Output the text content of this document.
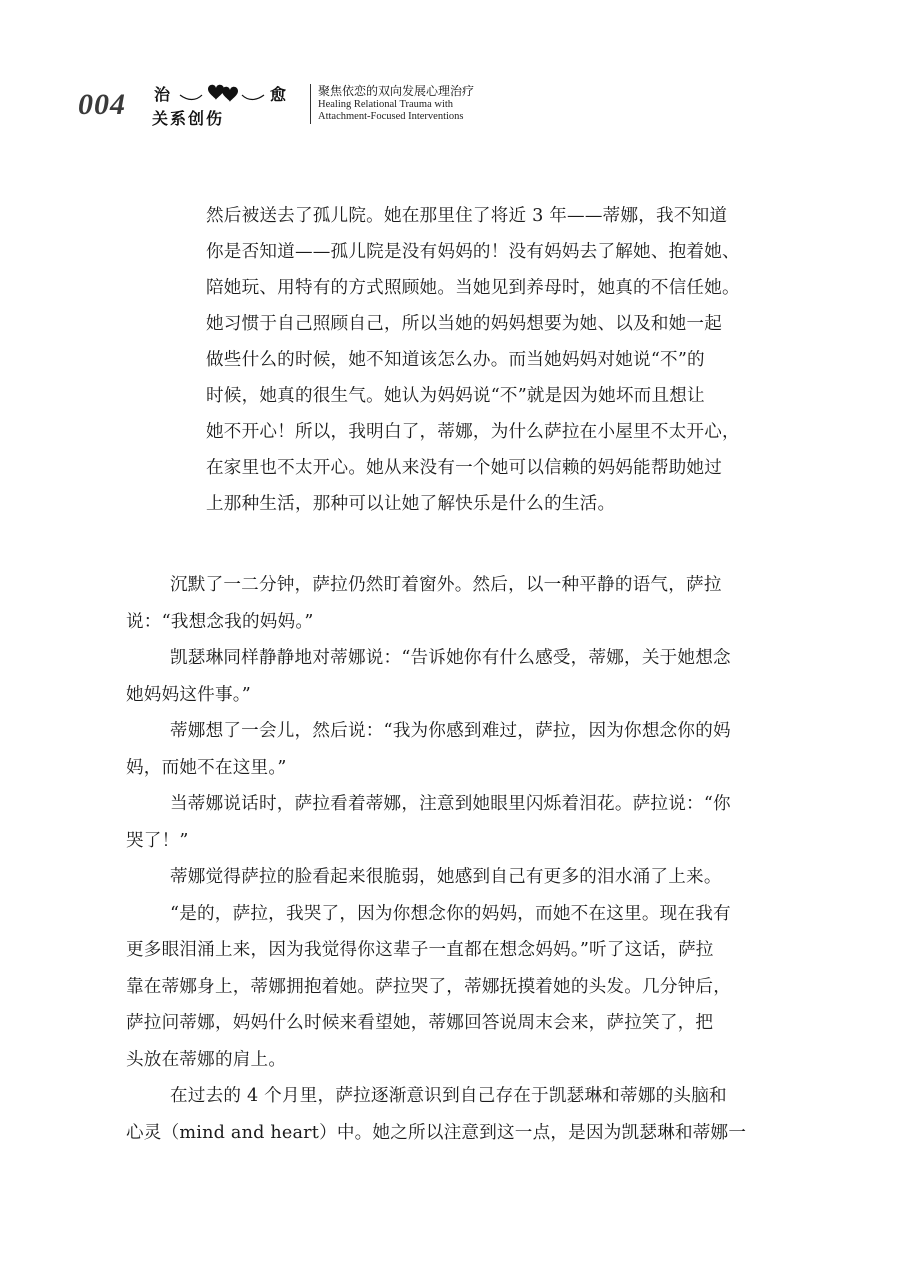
004 治	愈
关系创伤
聚焦依恋的双向发展心理治疗
Healing Relational Trauma with
Attachment-Focused Interventions
然后被送去了孤儿院。她在那里住了将近 3 年——蒂娜，我不知道
你是否知道——孤儿院是没有妈妈的！没有妈妈去了解她、抱着她、
陪她玩、用特有的方式照顾她。当她见到养母时，她真的不信任她。
她习惯于自己照顾自己，所以当她的妈妈想要为她、以及和她一起
做些什么的时候，她不知道该怎么办。而当她妈妈对她说“不”的
时候，她真的很生气。她认为妈妈说“不”就是因为她坏而且想让
她不开心！所以，我明白了，蒂娜，为什么萨拉在小屋里不太开心，
在家里也不太开心。她从来没有一个她可以信赖的妈妈能帮助她过
上那种生活，那种可以让她了解快乐是什么的生活。
沉默了一二分钟，萨拉仍然盯着窗外。然后，以一种平静的语气，萨拉
说：“我想念我的妈妈。”
凯瑟琳同样静静地对蒂娜说：“告诉她你有什么感受，蒂娜，关于她想念
她妈妈这件事。”
蒂娜想了一会儿，然后说：“我为你感到难过，萨拉，因为你想念你的妈
妈，而她不在这里。”
当蒂娜说话时，萨拉看着蒂娜，注意到她眼里闪烁着泪花。萨拉说：“你
哭了！”
蒂娜觉得萨拉的脸看起来很脆弱，她感到自己有更多的泪水涌了上来。
“是的，萨拉，我哭了，因为你想念你的妈妈，而她不在这里。现在我有
更多眼泪涌上来，因为我觉得你这辈子一直都在想念妈妈。”听了这话，萨拉
靠在蒂娜身上，蒂娜拥抱着她。萨拉哭了，蒂娜抚摸着她的头发。几分钟后，
萨拉问蒂娜，妈妈什么时候来看望她，蒂娜回答说周末会来，萨拉笑了，把
头放在蒂娜的肩上。
在过去的 4 个月里，萨拉逐渐意识到自己存在于凯瑟琳和蒂娜的头脑和
心灵（mind and heart）中。她之所以注意到这一点，是因为凯瑟琳和蒂娜一
